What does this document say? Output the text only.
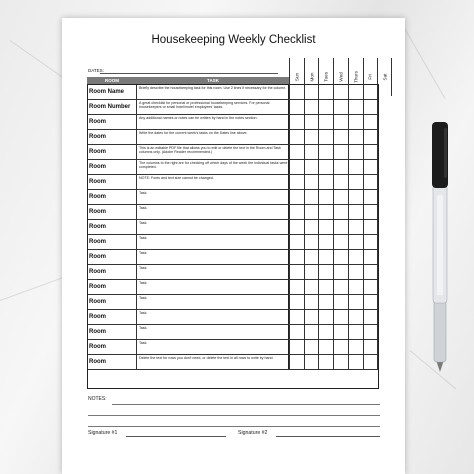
Housekeeping Weekly Checklist
DATES:
ROOM	TASK
Room Name
Briefly describe the housekeeping task for this room. Use 2 lines if necessary for the column.
Room Number
A great checklist for personal or professional housekeeping services. For personal housekeepers or small hotel/motel employees' tasks.
Room
Any additional names or notes can be written by hand in the notes section.
Room
Write the dates for the current week's tasks on the Dates line above.
Room
This is an editable PDF file that allows you to edit or delete the text in the Room and Task columns only. (Adobe Reader recommended.)
Room
The columns to the right are for checking off which days of the week the individual tasks were completed.
Room
NOTE: Fonts and text size cannot be changed.
Room
Task.
Room
Task.
Room
Task.
Room
Task.
Room
Task.
Room
Task.
Room
Task.
Room
Task.
Room
Task.
Room
Task.
Room
Task.
Room
Delete the text for rows you don't need, or delete the text in all rows to write by hand.
NOTES:
Signature #1	Signature #2
Sun Mon Tues Wed Thurs Fri Sat
